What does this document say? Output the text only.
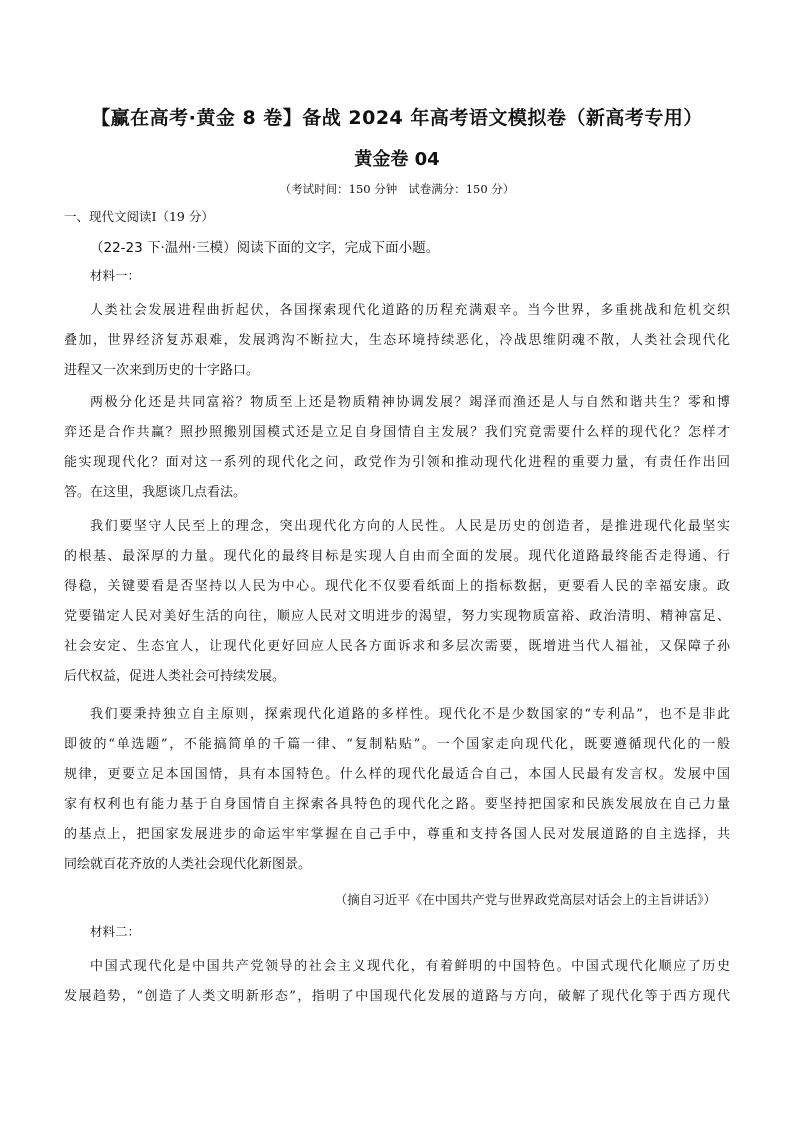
【赢在高考·黄金 8 卷】备战 2024 年高考语文模拟卷（新高考专用）
黄金卷 04
（考试时间：150 分钟   试卷满分：150 分）
一、现代文阅读Ⅰ（19 分）
（22-23 下·温州·三模）阅读下面的文字，完成下面小题。
材料一：
人类社会发展进程曲折起伏，各国探索现代化道路的历程充满艰辛。当今世界，多重挑战和危机交织
叠加，世界经济复苏艰难，发展鸿沟不断拉大，生态环境持续恶化，冷战思维阴魂不散，人类社会现代化
进程又一次来到历史的十字路口。
两极分化还是共同富裕？物质至上还是物质精神协调发展？竭泽而渔还是人与自然和谐共生？零和博
弈还是合作共赢？照抄照搬别国模式还是立足自身国情自主发展？我们究竟需要什么样的现代化？怎样才
能实现现代化？面对这一系列的现代化之问，政党作为引领和推动现代化进程的重要力量，有责任作出回
答。在这里，我愿谈几点看法。
我们要坚守人民至上的理念，突出现代化方向的人民性。人民是历史的创造者，是推进现代化最坚实
的根基、最深厚的力量。现代化的最终目标是实现人自由而全面的发展。现代化道路最终能否走得通、行
得稳，关键要看是否坚持以人民为中心。现代化不仅要看纸面上的指标数据，更要看人民的幸福安康。政
党要锚定人民对美好生活的向往，顺应人民对文明进步的渴望，努力实现物质富裕、政治清明、精神富足、
社会安定、生态宜人，让现代化更好回应人民各方面诉求和多层次需要，既增进当代人福祉，又保障子孙
后代权益，促进人类社会可持续发展。
我们要秉持独立自主原则，探索现代化道路的多样性。现代化不是少数国家的“专利品”，也不是非此
即彼的“单选题”，不能搞简单的千篇一律、“复制粘贴”。一个国家走向现代化，既要遵循现代化的一般
规律，更要立足本国国情，具有本国特色。什么样的现代化最适合自己，本国人民最有发言权。发展中国
家有权利也有能力基于自身国情自主探索各具特色的现代化之路。要坚持把国家和民族发展放在自己力量
的基点上，把国家发展进步的命运牢牢掌握在自己手中，尊重和支持各国人民对发展道路的自主选择，共
同绘就百花齐放的人类社会现代化新图景。
（摘自习近平《在中国共产党与世界政党高层对话会上的主旨讲话》）
材料二：
中国式现代化是中国共产党领导的社会主义现代化，有着鲜明的中国特色。中国式现代化顺应了历史
发展趋势，“创造了人类文明新形态”，指明了中国现代化发展的道路与方向，破解了现代化等于西方现代
